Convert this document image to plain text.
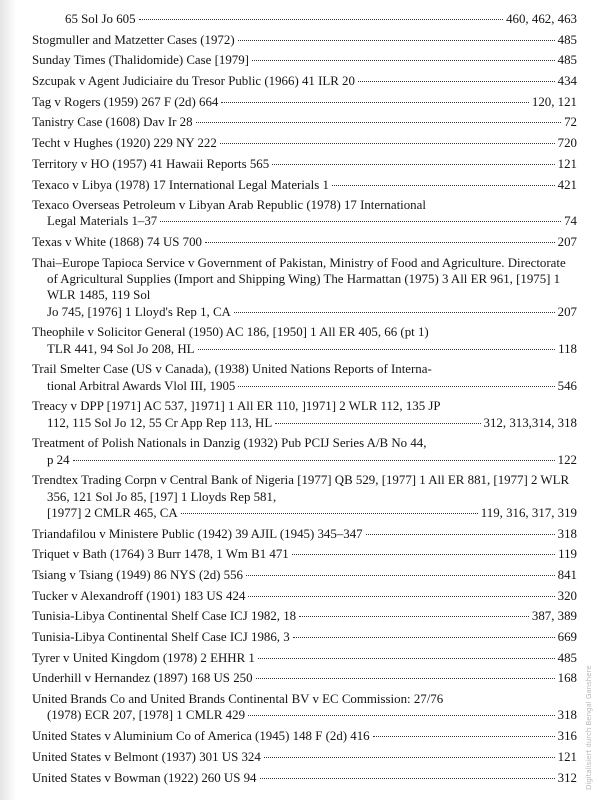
65 Sol Jo 605	460, 462, 463
Stogmuller and Matzetter Cases (1972)	485
Sunday Times (Thalidomide) Case [1979]	485
Szcupak v Agent Judiciaire du Tresor Public (1966) 41 ILR 20	434
Tag v Rogers (1959) 267 F (2d) 664	120, 121
Tanistry Case (1608) Dav Ir 28	72
Techt v Hughes (1920) 229 NY 222	720
Territory v HO (1957) 41 Hawaii Reports 565	121
Texaco v Libya (1978) 17 International Legal Materials 1	421
Texaco Overseas Petroleum v Libyan Arab Republic (1978) 17 International
Legal Materials 1–37	74
Texas v White (1868) 74 US 700	207
Thai–Europe Tapioca Service v Government of Pakistan, Ministry of Food and Agriculture. Directorate of Agricultural Supplies (Import and Shipping Wing) The Harmattan (1975) 3 All ER 961, [1975] 1 WLR 1485, 119 Sol
Jo 745, [1976] 1 Lloyd's Rep 1, CA	207
Theophile v Solicitor General (1950) AC 186, [1950] 1 All ER 405, 66 (pt 1)
TLR 441, 94 Sol Jo 208, HL	118
Trail Smelter Case (US v Canada), (1938) United Nations Reports of Interna-
tional Arbitral Awards Vlol III, 1905	546
Treacy v DPP [1971] AC 537, ]1971] 1 All ER 110, ]1971] 2 WLR 112, 135 JP
112, 115 Sol Jo 12, 55 Cr App Rep 113, HL	312, 313,314, 318
Treatment of Polish Nationals in Danzig (1932) Pub PCIJ Series A/B No 44,
p 24	122
Trendtex Trading Corpn v Central Bank of Nigeria [1977] QB 529, [1977] 1 All ER 881, [1977] 2 WLR 356, 121 Sol Jo 85, [197] 1 Lloyds Rep 581,
[1977] 2 CMLR 465, CA	119, 316, 317, 319
Triandafilou v Ministere Public (1942) 39 AJIL (1945) 345–347	318
Triquet v Bath (1764) 3 Burr 1478, 1 Wm B1 471	119
Tsiang v Tsiang (1949) 86 NYS (2d) 556	841
Tucker v Alexandroff (1901) 183 US 424	320
Tunisia-Libya Continental Shelf Case ICJ 1982, 18	387, 389
Tunisia-Libya Continental Shelf Case ICJ 1986, 3	669
Tyrer v United Kingdom (1978) 2 EHHR 1	485
Underhill v Hernandez (1897) 168 US 250	168
United Brands Co and United Brands Continental BV v EC Commission: 27/76
(1978) ECR 207, [1978] 1 CMLR 429	318
United States v Aluminium Co of America (1945) 148 F (2d) 416	316
United States v Belmont (1937) 301 US 324	121
United States v Bowman (1922) 260 US 94	312 Digitalisiert durch Bengal Ganshere
